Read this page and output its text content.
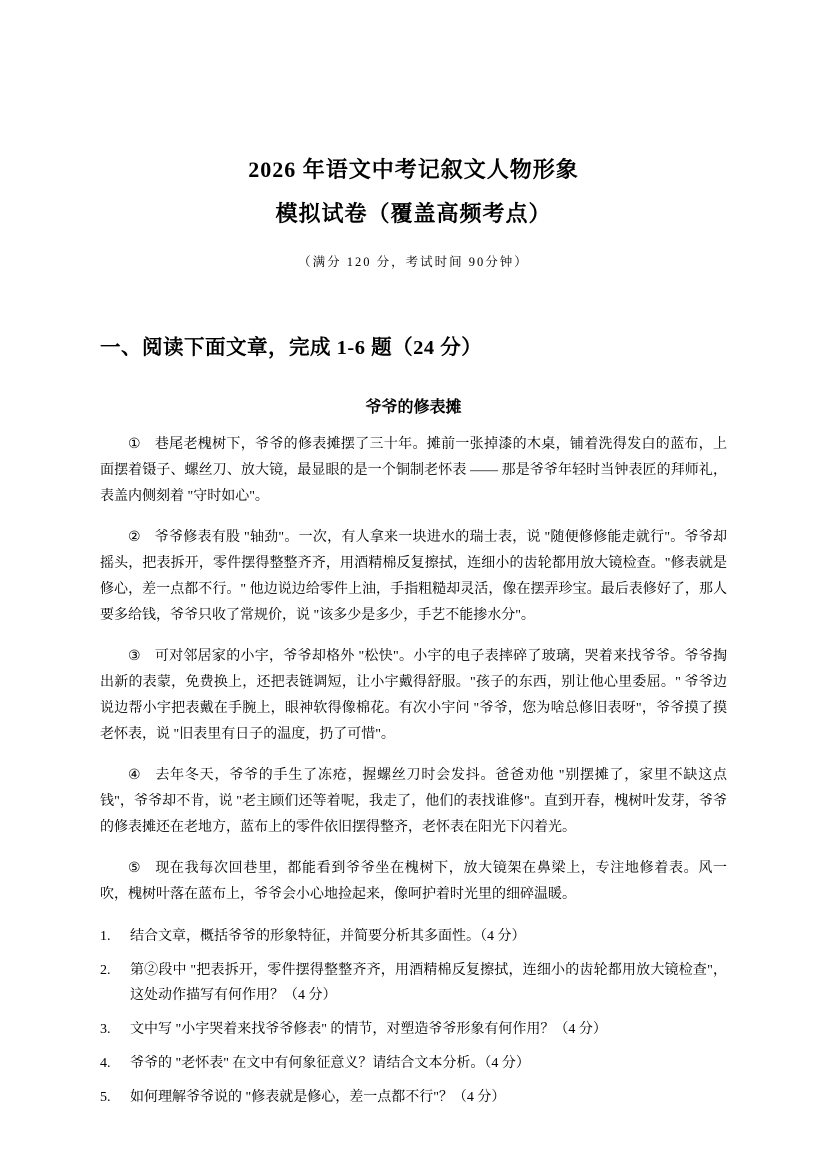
2026 年语文中考记叙文人物形象
模拟试卷（覆盖高频考点）
（满分 120 分，考试时间 90分钟）
一、阅读下面文章，完成 1-6 题（24 分）
爷爷的修表摊

① 巷尾老槐树下，爷爷的修表摊摆了三十年。摊前一张掉漆的木桌，铺着洗得发白的蓝布，上面摆着镊子、螺丝刀、放大镜，最显眼的是一个铜制老怀表 —— 那是爷爷年轻时当钟表匠的拜师礼，表盖内侧刻着 "守时如心"。

② 爷爷修表有股 "轴劲"。一次，有人拿来一块进水的瑞士表，说 "随便修修能走就行"。爷爷却摇头，把表拆开，零件摆得整整齐齐，用酒精棉反复擦拭，连细小的齿轮都用放大镜检查。"修表就是修心，差一点都不行。" 他边说边给零件上油，手指粗糙却灵活，像在摆弄珍宝。最后表修好了，那人要多给钱，爷爷只收了常规价，说 "该多少是多少，手艺不能掺水分"。

③ 可对邻居家的小宇，爷爷却格外 "松快"。小宇的电子表摔碎了玻璃，哭着来找爷爷。爷爷掏出新的表蒙，免费换上，还把表链调短，让小宇戴得舒服。"孩子的东西，别让他心里委屈。" 爷爷边说边帮小宇把表戴在手腕上，眼神软得像棉花。有次小宇问 "爷爷，您为啥总修旧表呀"，爷爷摸了摸老怀表，说 "旧表里有日子的温度，扔了可惜"。

④ 去年冬天，爷爷的手生了冻疮，握螺丝刀时会发抖。爸爸劝他 "别摆摊了，家里不缺这点钱"，爷爷却不肯，说 "老主顾们还等着呢，我走了，他们的表找谁修"。直到开春，槐树叶发芽，爷爷的修表摊还在老地方，蓝布上的零件依旧摆得整齐，老怀表在阳光下闪着光。

⑤ 现在我每次回巷里，都能看到爷爷坐在槐树下，放大镜架在鼻梁上，专注地修着表。风一吹，槐树叶落在蓝布上，爷爷会小心地捡起来，像呵护着时光里的细碎温暖。

1.	结合文章，概括爷爷的形象特征，并简要分析其多面性。（4 分）
2.	第②段中 "把表拆开，零件摆得整整齐齐，用酒精棉反复擦拭，连细小的齿轮都用放大镜检查"，这处动作描写有何作用？（4 分）
3.	文中写 "小宇哭着来找爷爷修表" 的情节，对塑造爷爷形象有何作用？（4 分）
4.	爷爷的 "老怀表" 在文中有何象征意义？请结合文本分析。（4 分）
5.	如何理解爷爷说的 "修表就是修心，差一点都不行"？（4 分）
